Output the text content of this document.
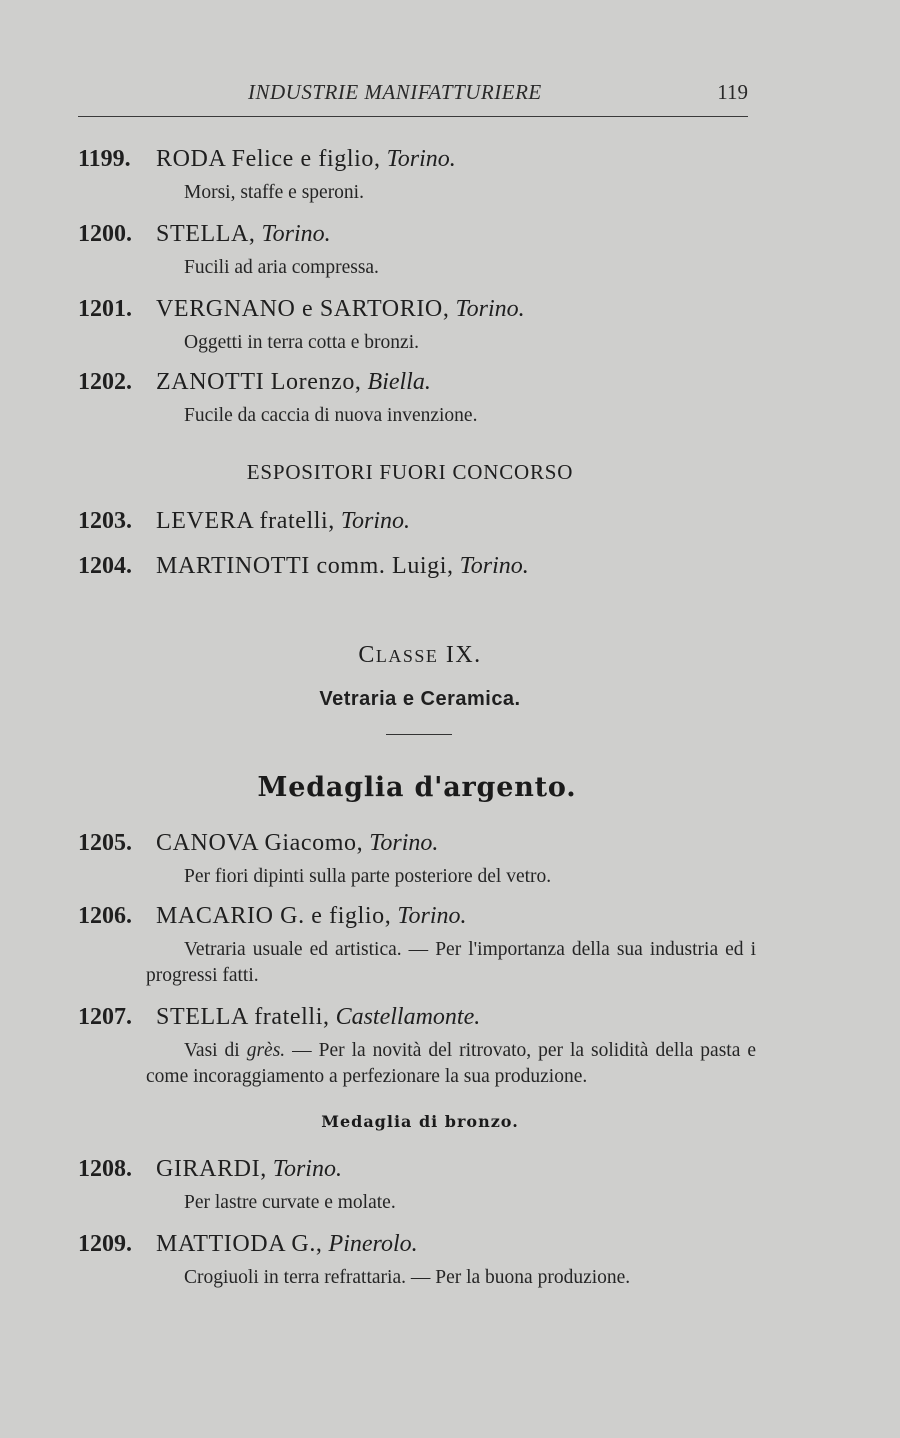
INDUSTRIE MANIFATTURIERE	119
1199. RODA Felice e figlio, Torino.
Morsi, staffe e speroni.
1200. STELLA, Torino.
Fucili ad aria compressa.
1201. VERGNANO e SARTORIO, Torino.
Oggetti in terra cotta e bronzi.
1202. ZANOTTI Lorenzo, Biella.
Fucile da caccia di nuova invenzione.
ESPOSITORI FUORI CONCORSO
1203. LEVERA fratelli, Torino.
1204. MARTINOTTI comm. Luigi, Torino.
CLASSE IX.
Vetraria e Ceramica.
Medaglia d'argento.
1205. CANOVA Giacomo, Torino.
Per fiori dipinti sulla parte posteriore del vetro.
1206. MACARIO G. e figlio, Torino.
Vetraria usuale ed artistica. — Per l'importanza della sua industria ed i progressi fatti.
1207. STELLA fratelli, Castellamonte.
Vasi di grès. — Per la novità del ritrovato, per la solidità della pasta e come incoraggiamento a perfezionare la sua produzione.
Medaglia di bronzo.
1208. GIRARDI, Torino.
Per lastre curvate e molate.
1209. MATTIODA G., Pinerolo.
Crogiuoli in terra refrattaria. — Per la buona produzione.
